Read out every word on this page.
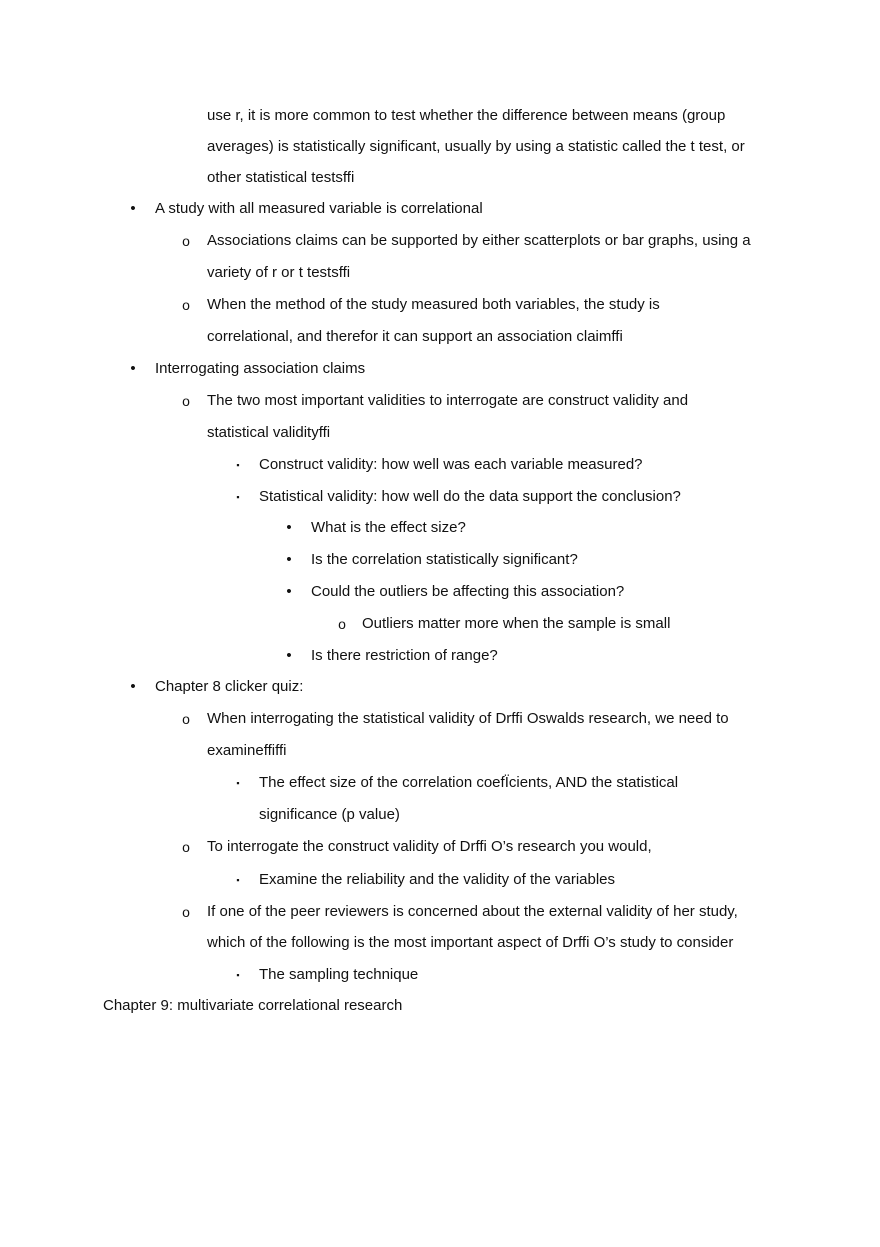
use r, it is more common to test whether the difference between means (group
averages) is statistically significant, usually by using a statistic called the t test, or
other statistical testsffi
• A study with all measured variable is correlational
o Associations claims can be supported by either scatterplots or bar graphs, using a
variety of r or t testsffi
o When the method of the study measured both variables, the study is
correlational, and therefor it can support an association claimffi
• Interrogating association claims
o The two most important validities to interrogate are construct validity and
statistical validityffi
▪	Construct validity: how well was each variable measured?
▪	Statistical validity: how well do the data support the conclusion?
• What is the effect size?
• Is the correlation statistically significant?
• Could the outliers be affecting this association?
o Outliers matter more when the sample is small
• Is there restriction of range?
• Chapter 8 clicker quiz:
o When interrogating the statistical validity of Drffi Oswalds research, we need to
examineffiffi
▪	The effect size of the correlation coefÏcients, AND the statistical
significance (p value)
o To interrogate the construct validity of Drffi O’s research you would,
▪	Examine the reliability and the validity of the variables
o If one of the peer reviewers is concerned about the external validity of her study,
which of the following is the most important aspect of Drffi O’s study to consider
▪	The sampling technique
Chapter 9: multivariate correlational research
